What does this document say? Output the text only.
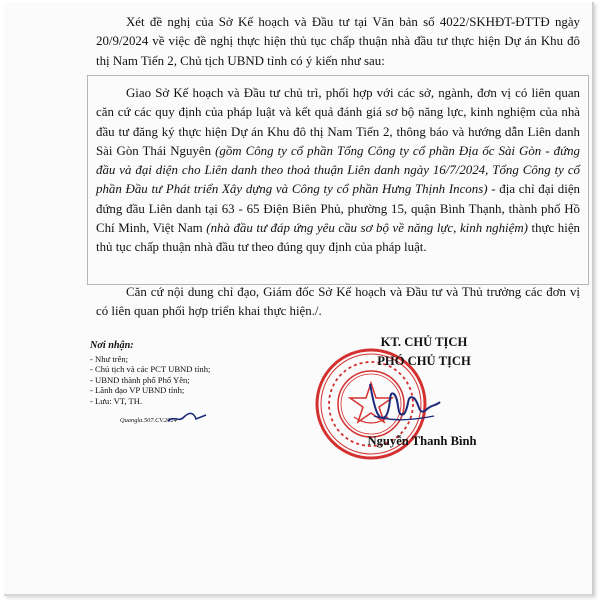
Xét đề nghị của Sở Kế hoạch và Đầu tư tại Văn bản số 4022/SKHĐT-ĐTTĐ ngày 20/9/2024 về việc đề nghị thực hiện thủ tục chấp thuận nhà đầu tư thực hiện Dự án Khu đô thị Nam Tiến 2, Chủ tịch UBND tỉnh có ý kiến như sau:

Giao Sở Kế hoạch và Đầu tư chủ trì, phối hợp với các sở, ngành, đơn vị có liên quan căn cứ các quy định của pháp luật và kết quả đánh giá sơ bộ năng lực, kinh nghiệm của nhà đầu tư đăng ký thực hiện Dự án Khu đô thị Nam Tiến 2, thông báo và hướng dẫn Liên danh Sài Gòn Thái Nguyên (gồm Công ty cổ phần Tổng Công ty cổ phần Địa ốc Sài Gòn - đứng đầu và đại diện cho Liên danh theo thoả thuận Liên danh ngày 16/7/2024, Tổng Công ty cổ phần Đầu tư Phát triển Xây dựng và Công ty cổ phần Hưng Thịnh Incons) - địa chỉ đại diện đứng đầu Liên danh tại 63 - 65 Điện Biên Phủ, phường 15, quận Bình Thạnh, thành phố Hồ Chí Minh, Việt Nam (nhà đầu tư đáp ứng yêu cầu sơ bộ về năng lực, kinh nghiệm) thực hiện thủ tục chấp thuận nhà đầu tư theo đúng quy định của pháp luật.

Căn cứ nội dung chỉ đạo, Giám đốc Sở Kế hoạch và Đầu tư và Thủ trưởng các đơn vị có liên quan phối hợp triển khai thực hiện./.

Nơi nhận:
- Như trên;
- Chủ tịch và các PCT UBND tỉnh;
- UBND thành phố Phổ Yên;
- Lãnh đạo VP UBND tỉnh;
- Lưu: VT, TH.
Quangla.507.CV.2024
KT. CHỦ TỊCH
PHÓ CHỦ TỊCH
Nguyễn Thanh Bình
